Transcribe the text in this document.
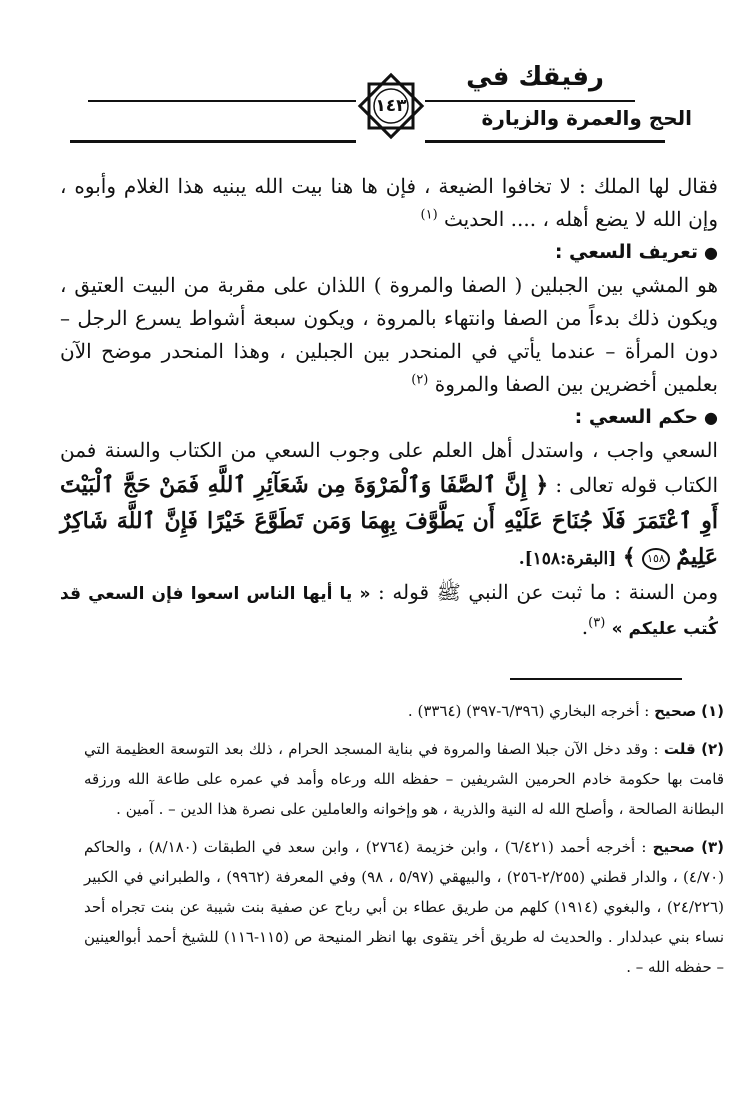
رفيقك في
الحج والعمرة والزيارة
١٤٣

فقال لها الملك : لا تخافوا الضيعة ، فإن ها هنا بيت الله يبنيه هذا الغلام وأبوه ، وإن الله لا يضع أهله ، .... الحديث $^{(١)}$

●تعريف السعي :

هو المشي بين الجبلين ( الصفا والمروة ) اللذان على مقربة من البيت العتيق ، ويكون ذلك بدءاً من الصفا وانتهاء بالمروة ، ويكون سبعة أشواط يسرع الرجل – دون المرأة – عندما يأتي في المنحدر بين الجبلين ، وهذا المنحدر موضح الآن بعلمين أخضرين بين الصفا والمروة $^{(٢)}$

●حكم السعي :

السعي واجب ، واستدل أهل العلم على وجوب السعي من الكتاب والسنة فمن الكتاب قوله تعالى : ﴿ إِنَّ ٱلصَّفَا وَٱلْمَرْوَةَ مِن شَعَآئِرِ ٱللَّهِ فَمَنْ حَجَّ ٱلْبَيْتَ أَوِ ٱعْتَمَرَ فَلَا جُنَاحَ عَلَيْهِ أَن يَطَّوَّفَ بِهِمَا وَمَن تَطَوَّعَ خَيْرًا فَإِنَّ ٱللَّهَ شَاكِرٌ عَلِيمٌ ١٥٨ ﴾ [البقرة:١٥٨].

ومن السنة : ما ثبت عن النبي ﷺ قوله : « يا أيها الناس اسعوا فإن السعي قد كُتب عليكم » $^{(٣)}$.

(١) صحيح : أخرجه البخاري (٦/٣٩٦-٣٩٧) (٣٣٦٤) .

(٢) قلت : وقد دخل الآن جبلا الصفا والمروة في بناية المسجد الحرام ، ذلك بعد التوسعة العظيمة التي قامت بها حكومة خادم الحرمين الشريفين – حفظه الله ورعاه وأمد في عمره على طاعة الله ورزقه البطانة الصالحة ، وأصلح الله له النية والذرية ، هو وإخوانه والعاملين على نصرة هذا الدين – . آمين .

(٣) صحيح : أخرجه أحمد (٦/٤٢١) ، وابن خزيمة (٢٧٦٤) ، وابن سعد في الطبقات (٨/١٨٠) ، والحاكم (٤/٧٠) ، والدار قطني (٢/٢٥٥-٢٥٦) ، والبيهقي (٥/٩٧ ، ٩٨) وفي المعرفة (٩٩٦٢) ، والطبراني في الكبير (٢٤/٢٢٦) ، والبغوي (١٩١٤) كلهم من طريق عطاء بن أبي رباح عن صفية بنت شيبة عن بنت تجراه أحد نساء بني عبدلدار . والحديث له طريق أخر يتقوى بها انظر المنيحة ص (١١٥-١١٦) للشيخ أحمد أبوالعينين – حفظه الله – .
